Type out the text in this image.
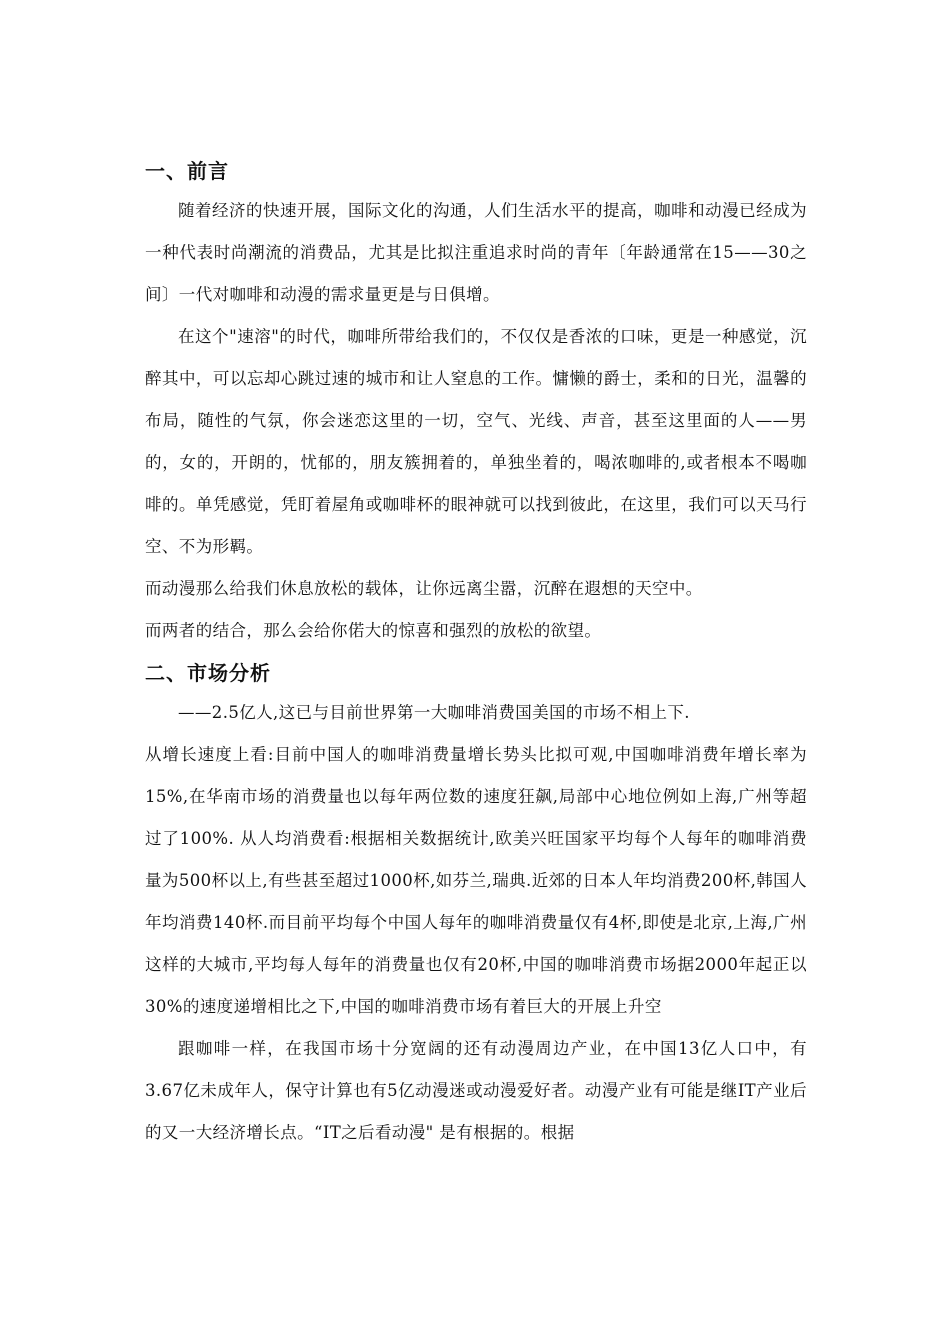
一、前言

随着经济的快速开展，国际文化的沟通，人们生活水平的提高，咖啡和动漫已经成为一种代表时尚潮流的消费品，尤其是比拟注重追求时尚的青年〔年龄通常在15——30之间〕一代对咖啡和动漫的需求量更是与日俱增。

在这个"速溶"的时代，咖啡所带给我们的，不仅仅是香浓的口味，更是一种感觉，沉醉其中，可以忘却心跳过速的城市和让人窒息的工作。慵懒的爵士，柔和的日光，温馨的布局，随性的气氛，你会迷恋这里的一切，空气、光线、声音，甚至这里面的人——男的，女的，开朗的，忧郁的，朋友簇拥着的，单独坐着的，喝浓咖啡的,或者根本不喝咖啡的。单凭感觉，凭盯着屋角或咖啡杯的眼神就可以找到彼此，在这里，我们可以天马行空、不为形羁。

而动漫那么给我们休息放松的载体，让你远离尘嚣，沉醉在遐想的天空中。

而两者的结合，那么会给你偌大的惊喜和强烈的放松的欲望。

二、市场分析

——2.5亿人,这已与目前世界第一大咖啡消费国美国的市场不相上下.

从增长速度上看:目前中国人的咖啡消费量增长势头比拟可观,中国咖啡消费年增长率为15%,在华南市场的消费量也以每年两位数的速度狂飙,局部中心地位例如上海,广州等超过了100%. 从人均消费看:根据相关数据统计,欧美兴旺国家平均每个人每年的咖啡消费量为500杯以上,有些甚至超过1000杯,如芬兰,瑞典.近郊的日本人年均消费200杯,韩国人年均消费140杯.而目前平均每个中国人每年的咖啡消费量仅有4杯,即使是北京,上海,广州这样的大城市,平均每人每年的消费量也仅有20杯,中国的咖啡消费市场据2000年起正以30%的速度递增相比之下,中国的咖啡消费市场有着巨大的开展上升空

跟咖啡一样，在我国市场十分宽阔的还有动漫周边产业，在中国13亿人口中，有3.67亿未成年人，保守计算也有5亿动漫迷或动漫爱好者。动漫产业有可能是继IT产业后的又一大经济增长点。“IT之后看动漫" 是有根据的。根据
